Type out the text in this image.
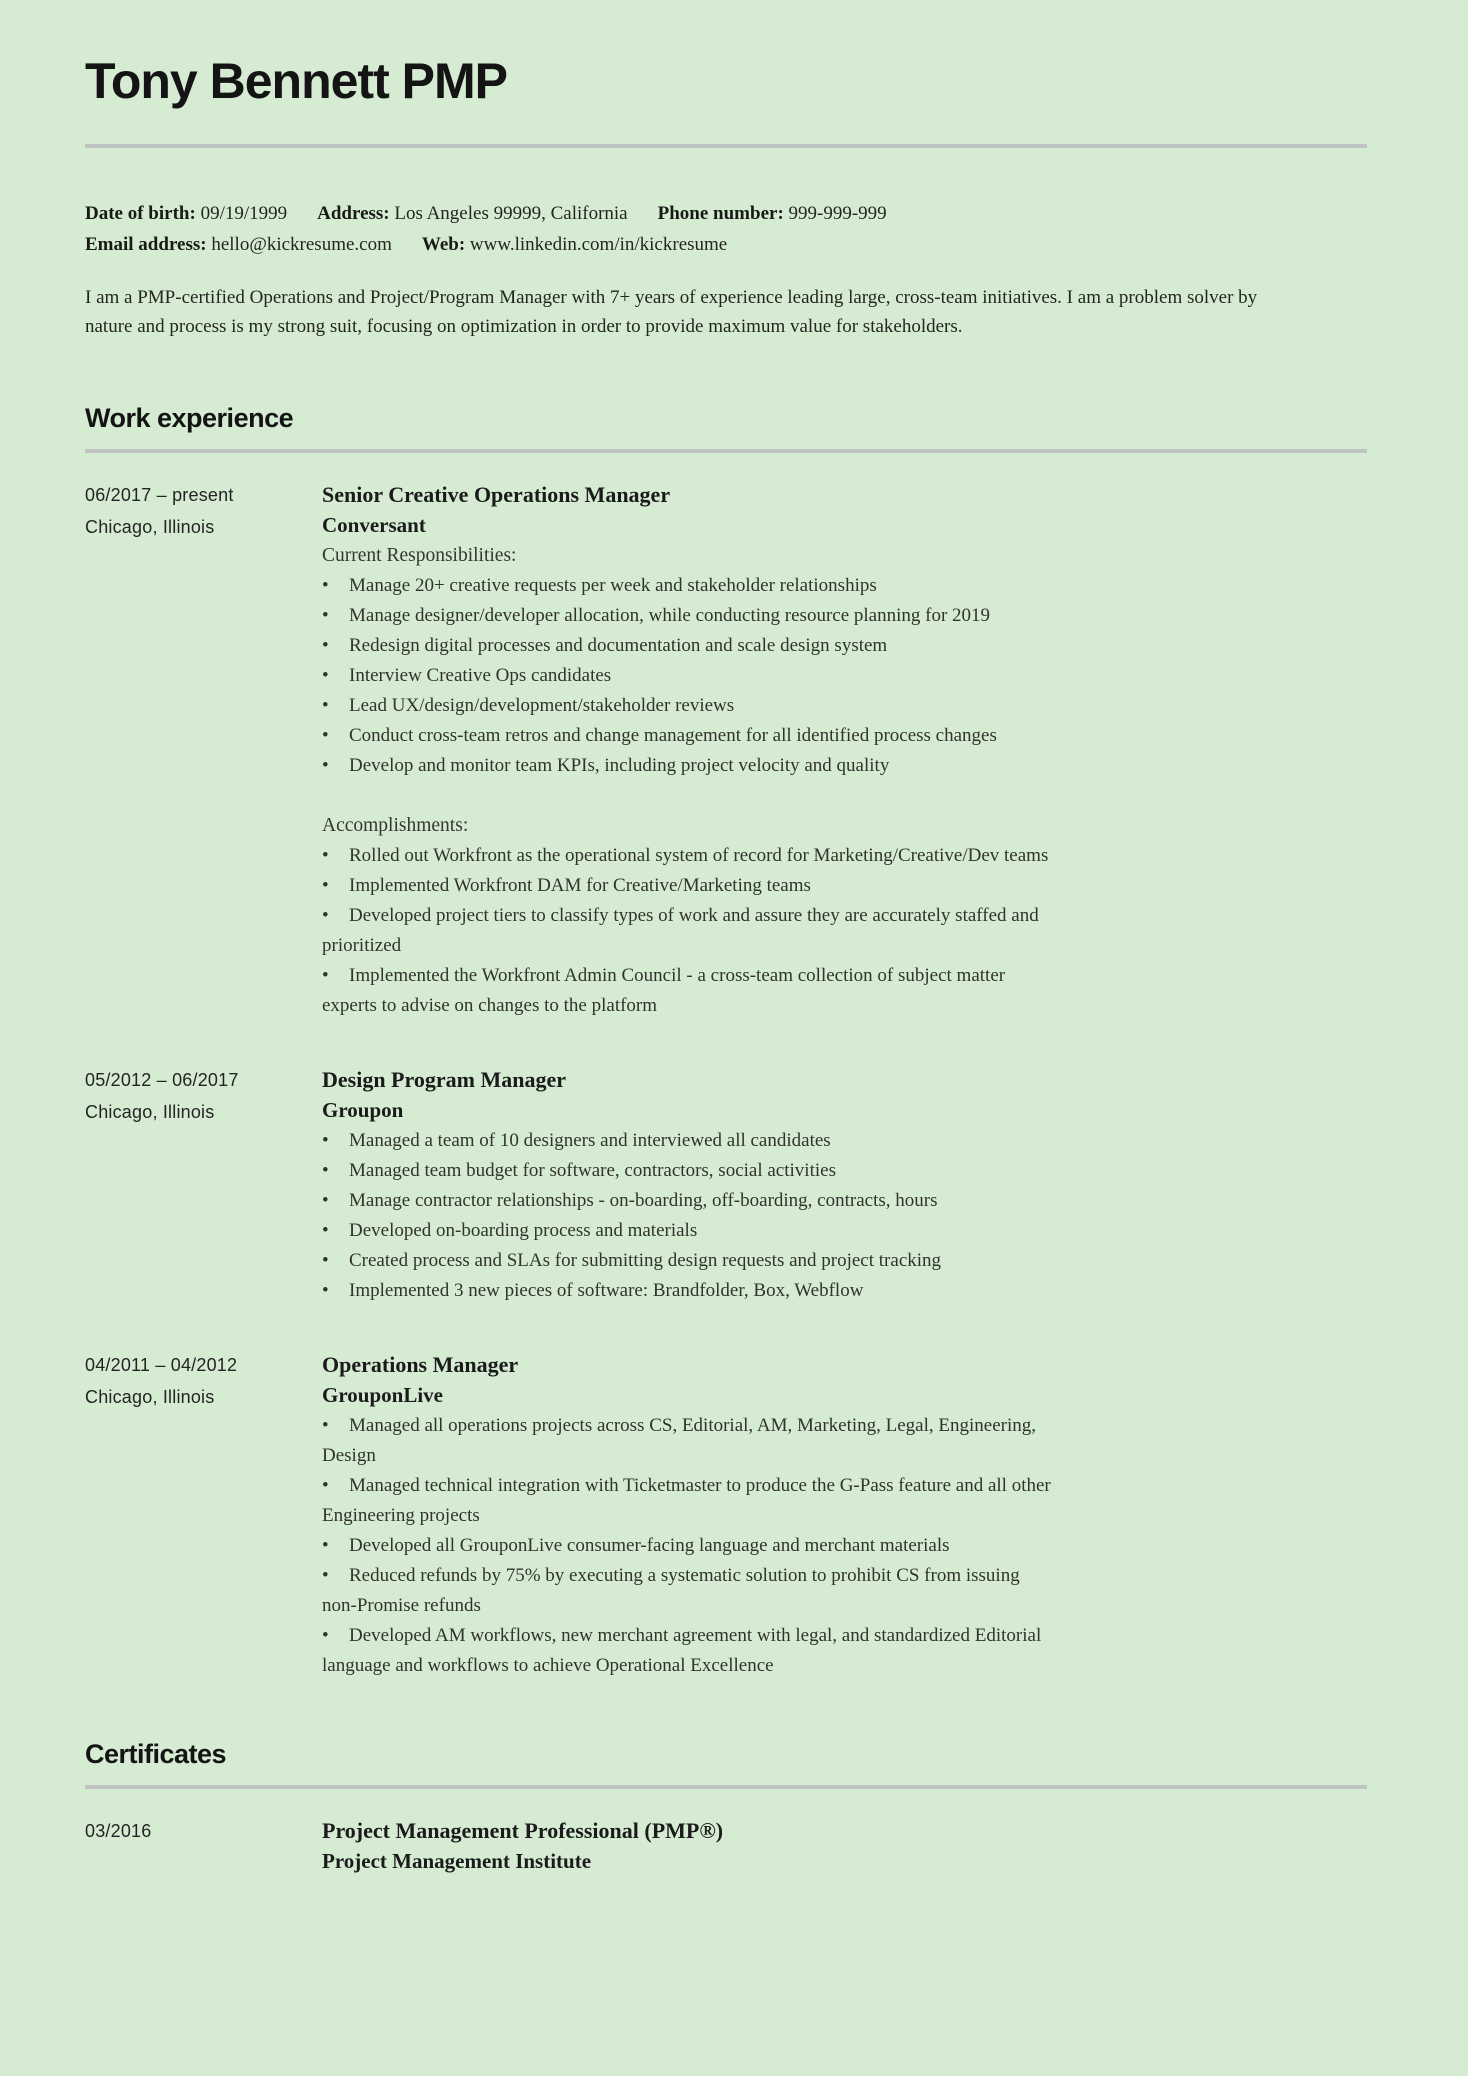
Tony Bennett PMP
Date of birth: 09/19/1999 Address: Los Angeles 99999, California Phone number: 999-999-999
Email address: hello@kickresume.com Web: www.linkedin.com/in/kickresume

I am a PMP-certified Operations and Project/Program Manager with 7+ years of experience leading large, cross-team initiatives. I am a problem solver by nature and process is my strong suit, focusing on optimization in order to provide maximum value for stakeholders.

Work experience
06/2017 – present
Chicago, Illinois
Senior Creative Operations Manager
Conversant
Current Responsibilities:
• Manage 20+ creative requests per week and stakeholder relationships
• Manage designer/developer allocation, while conducting resource planning for 2019
• Redesign digital processes and documentation and scale design system
• Interview Creative Ops candidates
• Lead UX/design/development/stakeholder reviews
• Conduct cross-team retros and change management for all identified process changes
• Develop and monitor team KPIs, including project velocity and quality
Accomplishments:
• Rolled out Workfront as the operational system of record for Marketing/Creative/Dev teams
• Implemented Workfront DAM for Creative/Marketing teams
• Developed project tiers to classify types of work and assure they are accurately staffed and prioritized
• Implemented the Workfront Admin Council - a cross-team collection of subject matter experts to advise on changes to the platform
05/2012 – 06/2017
Chicago, Illinois
Design Program Manager
Groupon
• Managed a team of 10 designers and interviewed all candidates
• Managed team budget for software, contractors, social activities
• Manage contractor relationships - on-boarding, off-boarding, contracts, hours
• Developed on-boarding process and materials
• Created process and SLAs for submitting design requests and project tracking
• Implemented 3 new pieces of software: Brandfolder, Box, Webflow
04/2011 – 04/2012
Chicago, Illinois
Operations Manager
GrouponLive
• Managed all operations projects across CS, Editorial, AM, Marketing, Legal, Engineering, Design
• Managed technical integration with Ticketmaster to produce the G-Pass feature and all other Engineering projects
• Developed all GrouponLive consumer-facing language and merchant materials
• Reduced refunds by 75% by executing a systematic solution to prohibit CS from issuing non-Promise refunds
• Developed AM workflows, new merchant agreement with legal, and standardized Editorial language and workflows to achieve Operational Excellence
Certificates
03/2016	Project Management Professional (PMP®)
Project Management Institute
